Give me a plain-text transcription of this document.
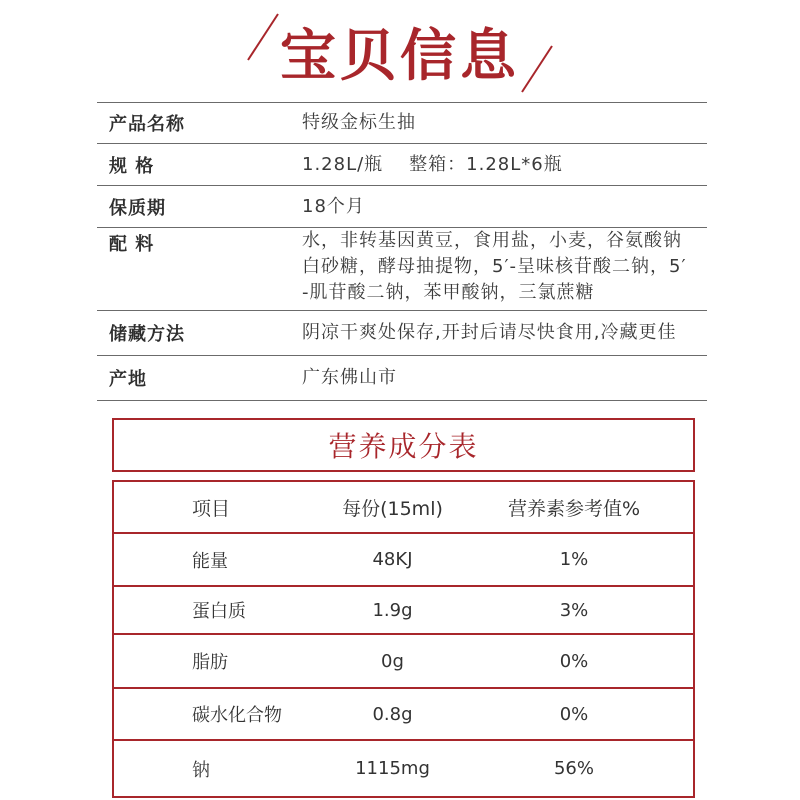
宝贝信息
产品名称	特级金标生抽
规 格	1.28L/瓶 整箱：1.28L*6瓶
保质期	18个月
配 料	水，非转基因黄豆，食用盐，小麦，谷氨酸钠
白砂糖，酵母抽提物，5′-呈味核苷酸二钠，5′
-肌苷酸二钠，苯甲酸钠，三氯蔗糖
储藏方法	阴凉干爽处保存,开封后请尽快食用,冷藏更佳
产地	广东佛山市
营养成分表
项目	每份(15ml)	营养素参考值%
能量	48KJ	1%
蛋白质	1.9g	3%
脂肪	0g	0%
碳水化合物	0.8g	0%
钠	1115mg	56%
